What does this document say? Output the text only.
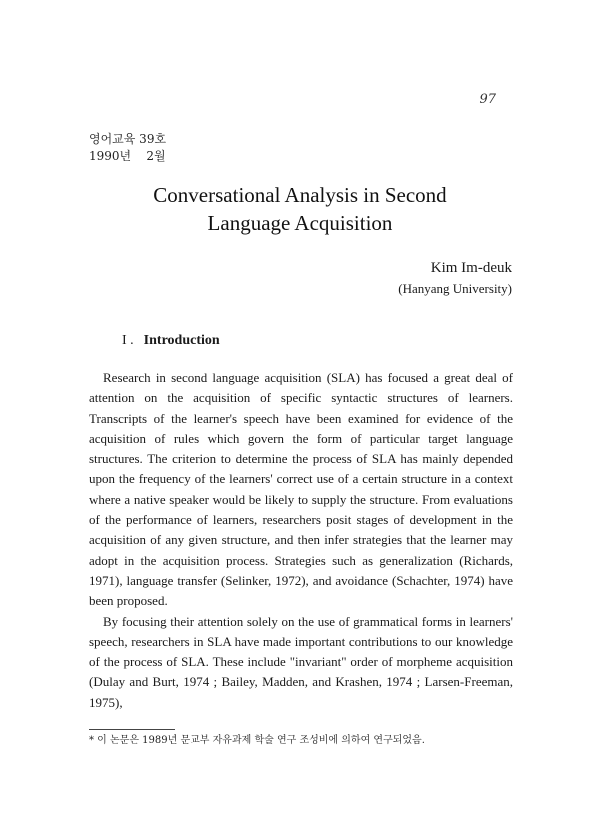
97
영어교육 39호
1990년    2월
Conversational Analysis in Second
Language Acquisition
Kim Im-deuk
(Hanyang University)
I . Introduction

Research in second language acquisition (SLA) has focused a great deal of attention on the acquisition of specific syntactic structures of learners. Transcripts of the learner's speech have been examined for evidence of the acquisition of rules which govern the form of particular target language structures. The criterion to determine the process of SLA has mainly depended upon the frequency of the learners' correct use of a certain structure in a context where a native speaker would be likely to supply the structure. From evaluations of the performance of learners, researchers posit stages of development in the acquisition of any given structure, and then infer strategies that the learner may adopt in the acquisition process. Strategies such as generalization (Richards, 1971), language transfer (Selinker, 1972), and avoidance (Schachter, 1974) have been proposed.

By focusing their attention solely on the use of grammatical forms in learners' speech, researchers in SLA have made important contributions to our knowledge of the process of SLA. These include "invariant" order of morpheme acquisition (Dulay and Burt, 1974 ; Bailey, Madden, and Krashen, 1974 ; Larsen-Freeman, 1975),

* 이 논문은 1989년 문교부 자유과제 학술 연구 조성비에 의하여 연구되었음.
